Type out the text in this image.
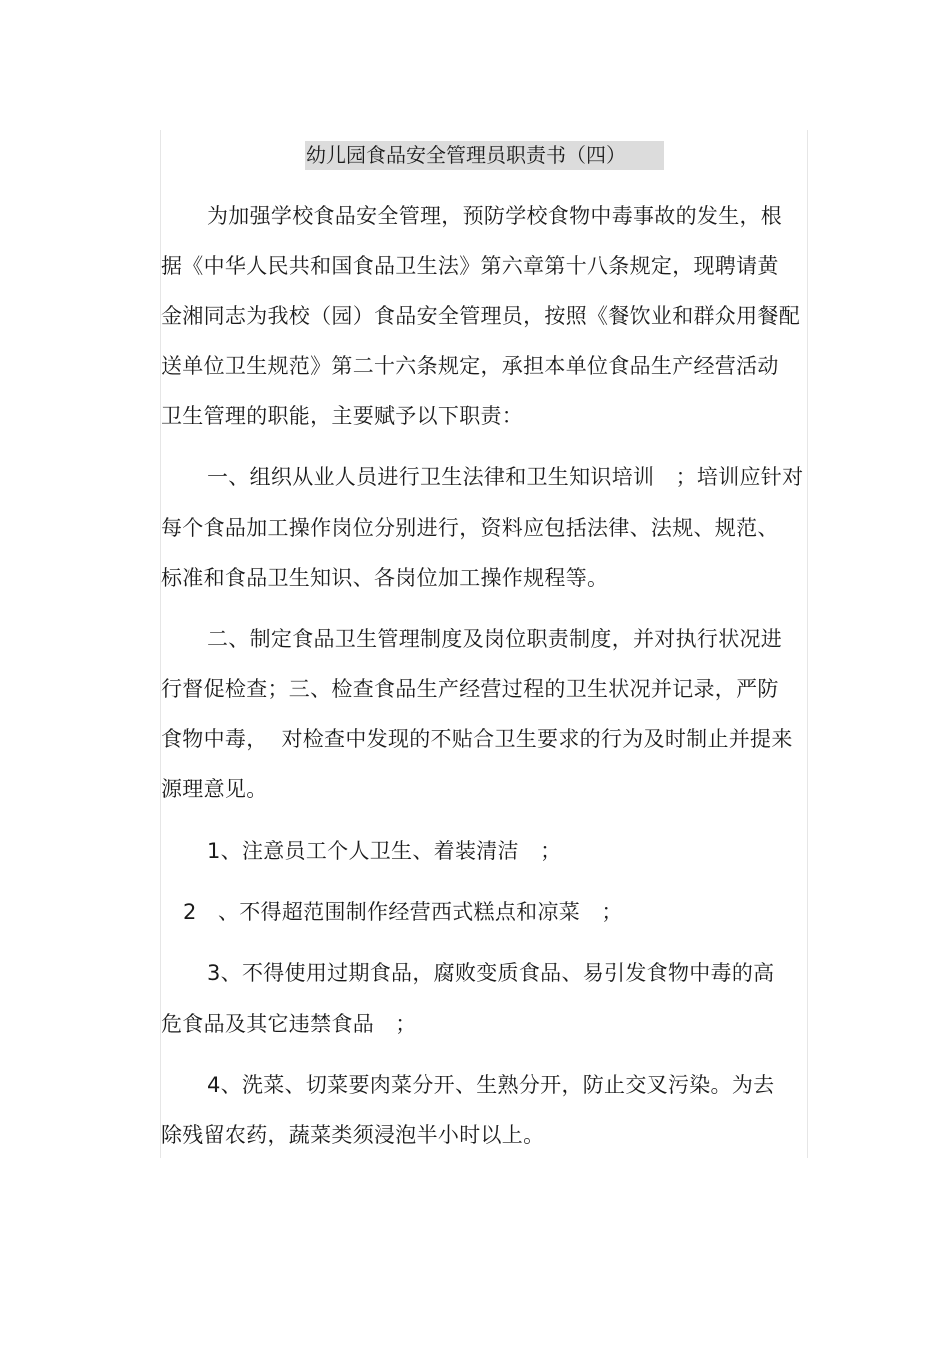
幼儿园食品安全管理员职责书（四）
为加强学校食品安全管理，预防学校食物中毒事故的发生，根
据《中华人民共和国食品卫生法》第六章第十八条规定，现聘请黄
金湘同志为我校（园）食品安全管理员，按照《餐饮业和群众用餐配
送单位卫生规范》第二十六条规定，承担本单位食品生产经营活动
卫生管理的职能，主要赋予以下职责：
一、组织从业人员进行卫生法律和卫生知识培训　；培训应针对
每个食品加工操作岗位分别进行，资料应包括法律、法规、规范、
标准和食品卫生知识、各岗位加工操作规程等。
二、制定食品卫生管理制度及岗位职责制度，并对执行状况进
行督促检查；三、检查食品生产经营过程的卫生状况并记录，严防
食物中毒，  对检查中发现的不贴合卫生要求的行为及时制止并提来
源理意见。
1、注意员工个人卫生、着装清洁　；
2　、不得超范围制作经营西式糕点和凉菜　；
3、不得使用过期食品，腐败变质食品、易引发食物中毒的高
危食品及其它违禁食品　；
4、洗菜、切菜要肉菜分开、生熟分开，防止交叉污染。为去
除残留农药，蔬菜类须浸泡半小时以上。
